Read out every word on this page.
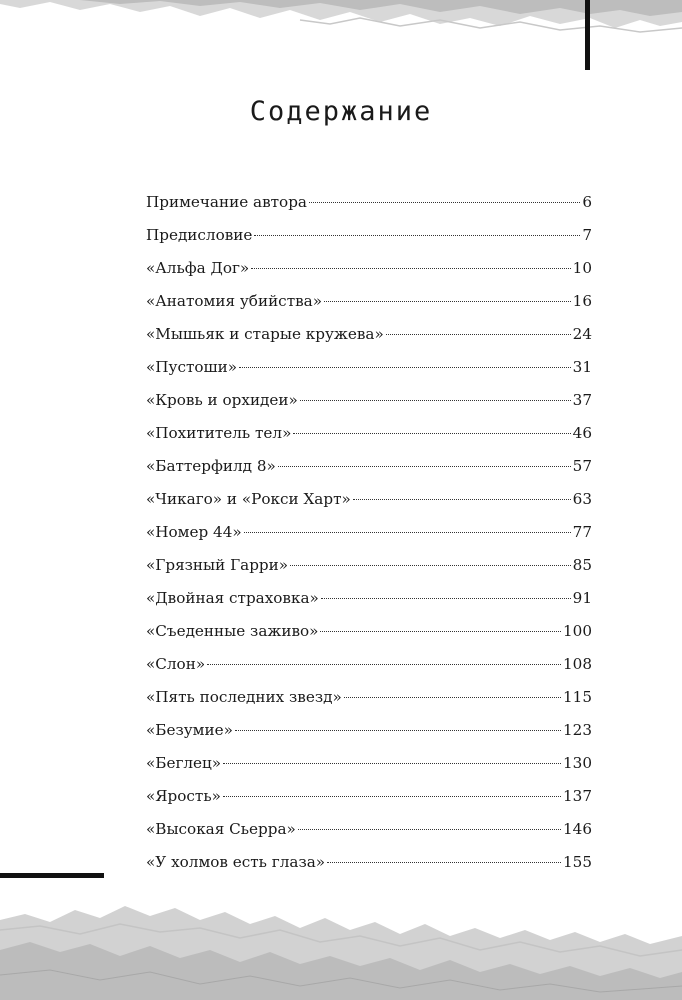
Содержание
Примечание автора	6
Предисловие	7
«Альфа Дог»	10
«Анатомия убийства»	16
«Мышьяк и старые кружева»	24
«Пустоши»	31
«Кровь и орхидеи»	37
«Похититель тел»	46
«Баттерфилд 8»	57
«Чикаго» и «Рокси Харт»	63
«Номер 44»	77
«Грязный Гарри»	85
«Двойная страховка»	91
«Съеденные заживо»	100
«Слон»	108
«Пять последних звезд»	115
«Безумие»	123
«Беглец»	130
«Ярость»	137
«Высокая Сьерра»	146
«У холмов есть глаза»	155
